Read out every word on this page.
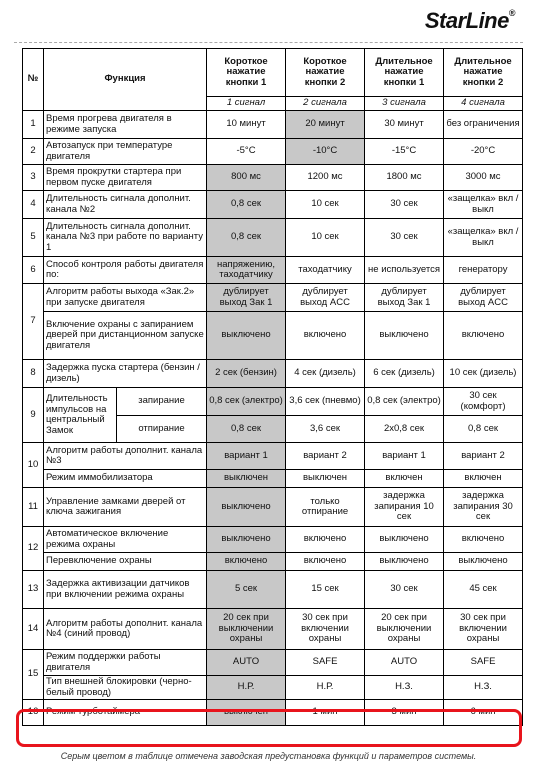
StarLine®
№	Функция		Короткое нажатие кнопки 1	Короткое нажатие кнопки 2	Длительное нажатие кнопки 1	Длительное нажатие кнопки 2
			1 сигнал	2 сигнала	3 сигнала	4 сигнала
1	Время прогрева двигателя в режиме запуска		10 минут	20 минут	30 минут	без ограничения
2	Автозапуск при температуре двигателя		-5°С	-10°С	-15°С	-20°С
3	Время прокрутки стартера при первом пуске двигателя		800 мс	1200 мс	1800 мс	3000 мс
4	Длительность сигнала дополнит. канала №2		0,8 сек	10 сек	30 сек	«защелка» вкл / выкл
5	Длительность сигнала дополнит. канала №3 при работе по варианту 1		0,8 сек	10 сек	30 сек	«защелка» вкл / выкл
6	Способ контроля работы двигателя по:		напряжению, таходатчику	таходатчику	не используется	генератору
7	Алгоритм работы выхода «Зак.2» при запуске двигателя		дублирует выход Зак 1	дублирует выход ACC	дублирует выход Зак 1	дублирует выход ACC
	Включение охраны с запиранием дверей при дистанционном запуске двигателя		выключено	включено	выключено	включено
8	Задержка пуска стартера (бензин / дизель)		2 сек (бензин)	4 сек (дизель)	6 сек (дизель)	10 сек (дизель)
9	Длительность импульсов на центральный Замок	запирание	0,8 сек (электро)	3,6 сек (пневмо)	0,8 сек (электро)	30 сек (комфорт)
		отпирание	0,8 сек	3,6 сек	2х0,8 сек	0,8 сек
10	Алгоритм работы дополнит. канала №3		вариант 1	вариант 2	вариант 1	вариант 2
	Режим иммобилизатора		выключен	выключен	включен	включен
11	Управление замками дверей от ключа зажигания		выключено	только отпирание	задержка запирания 10 сек	задержка запирания 30 сек
12	Автоматическое включение режима охраны		выключено	включено	выключено	включено
	Перевключение охраны		включено	включено	выключено	выключено
13	Задержка активизации датчиков при включении режима охраны		5 сек	15 сек	30 сек	45 сек
14	Алгоритм работы дополнит. канала №4 (синий провод)		20 сек при выключении охраны	30 сек при включении охраны	20 сек при выключении охраны	30 сек при включении охраны
15	Режим поддержки работы двигателя		AUTO	SAFE	AUTO	SAFE
	Тип внешней блокировки (черно-белый провод)		Н.Р.	Н.Р.	Н.З.	Н.З.
16	Режим турботаймера		выключен	1 мин	3 мин	6 мин
Серым цветом в таблице отмечена заводская предустановка функций и параметров системы.
